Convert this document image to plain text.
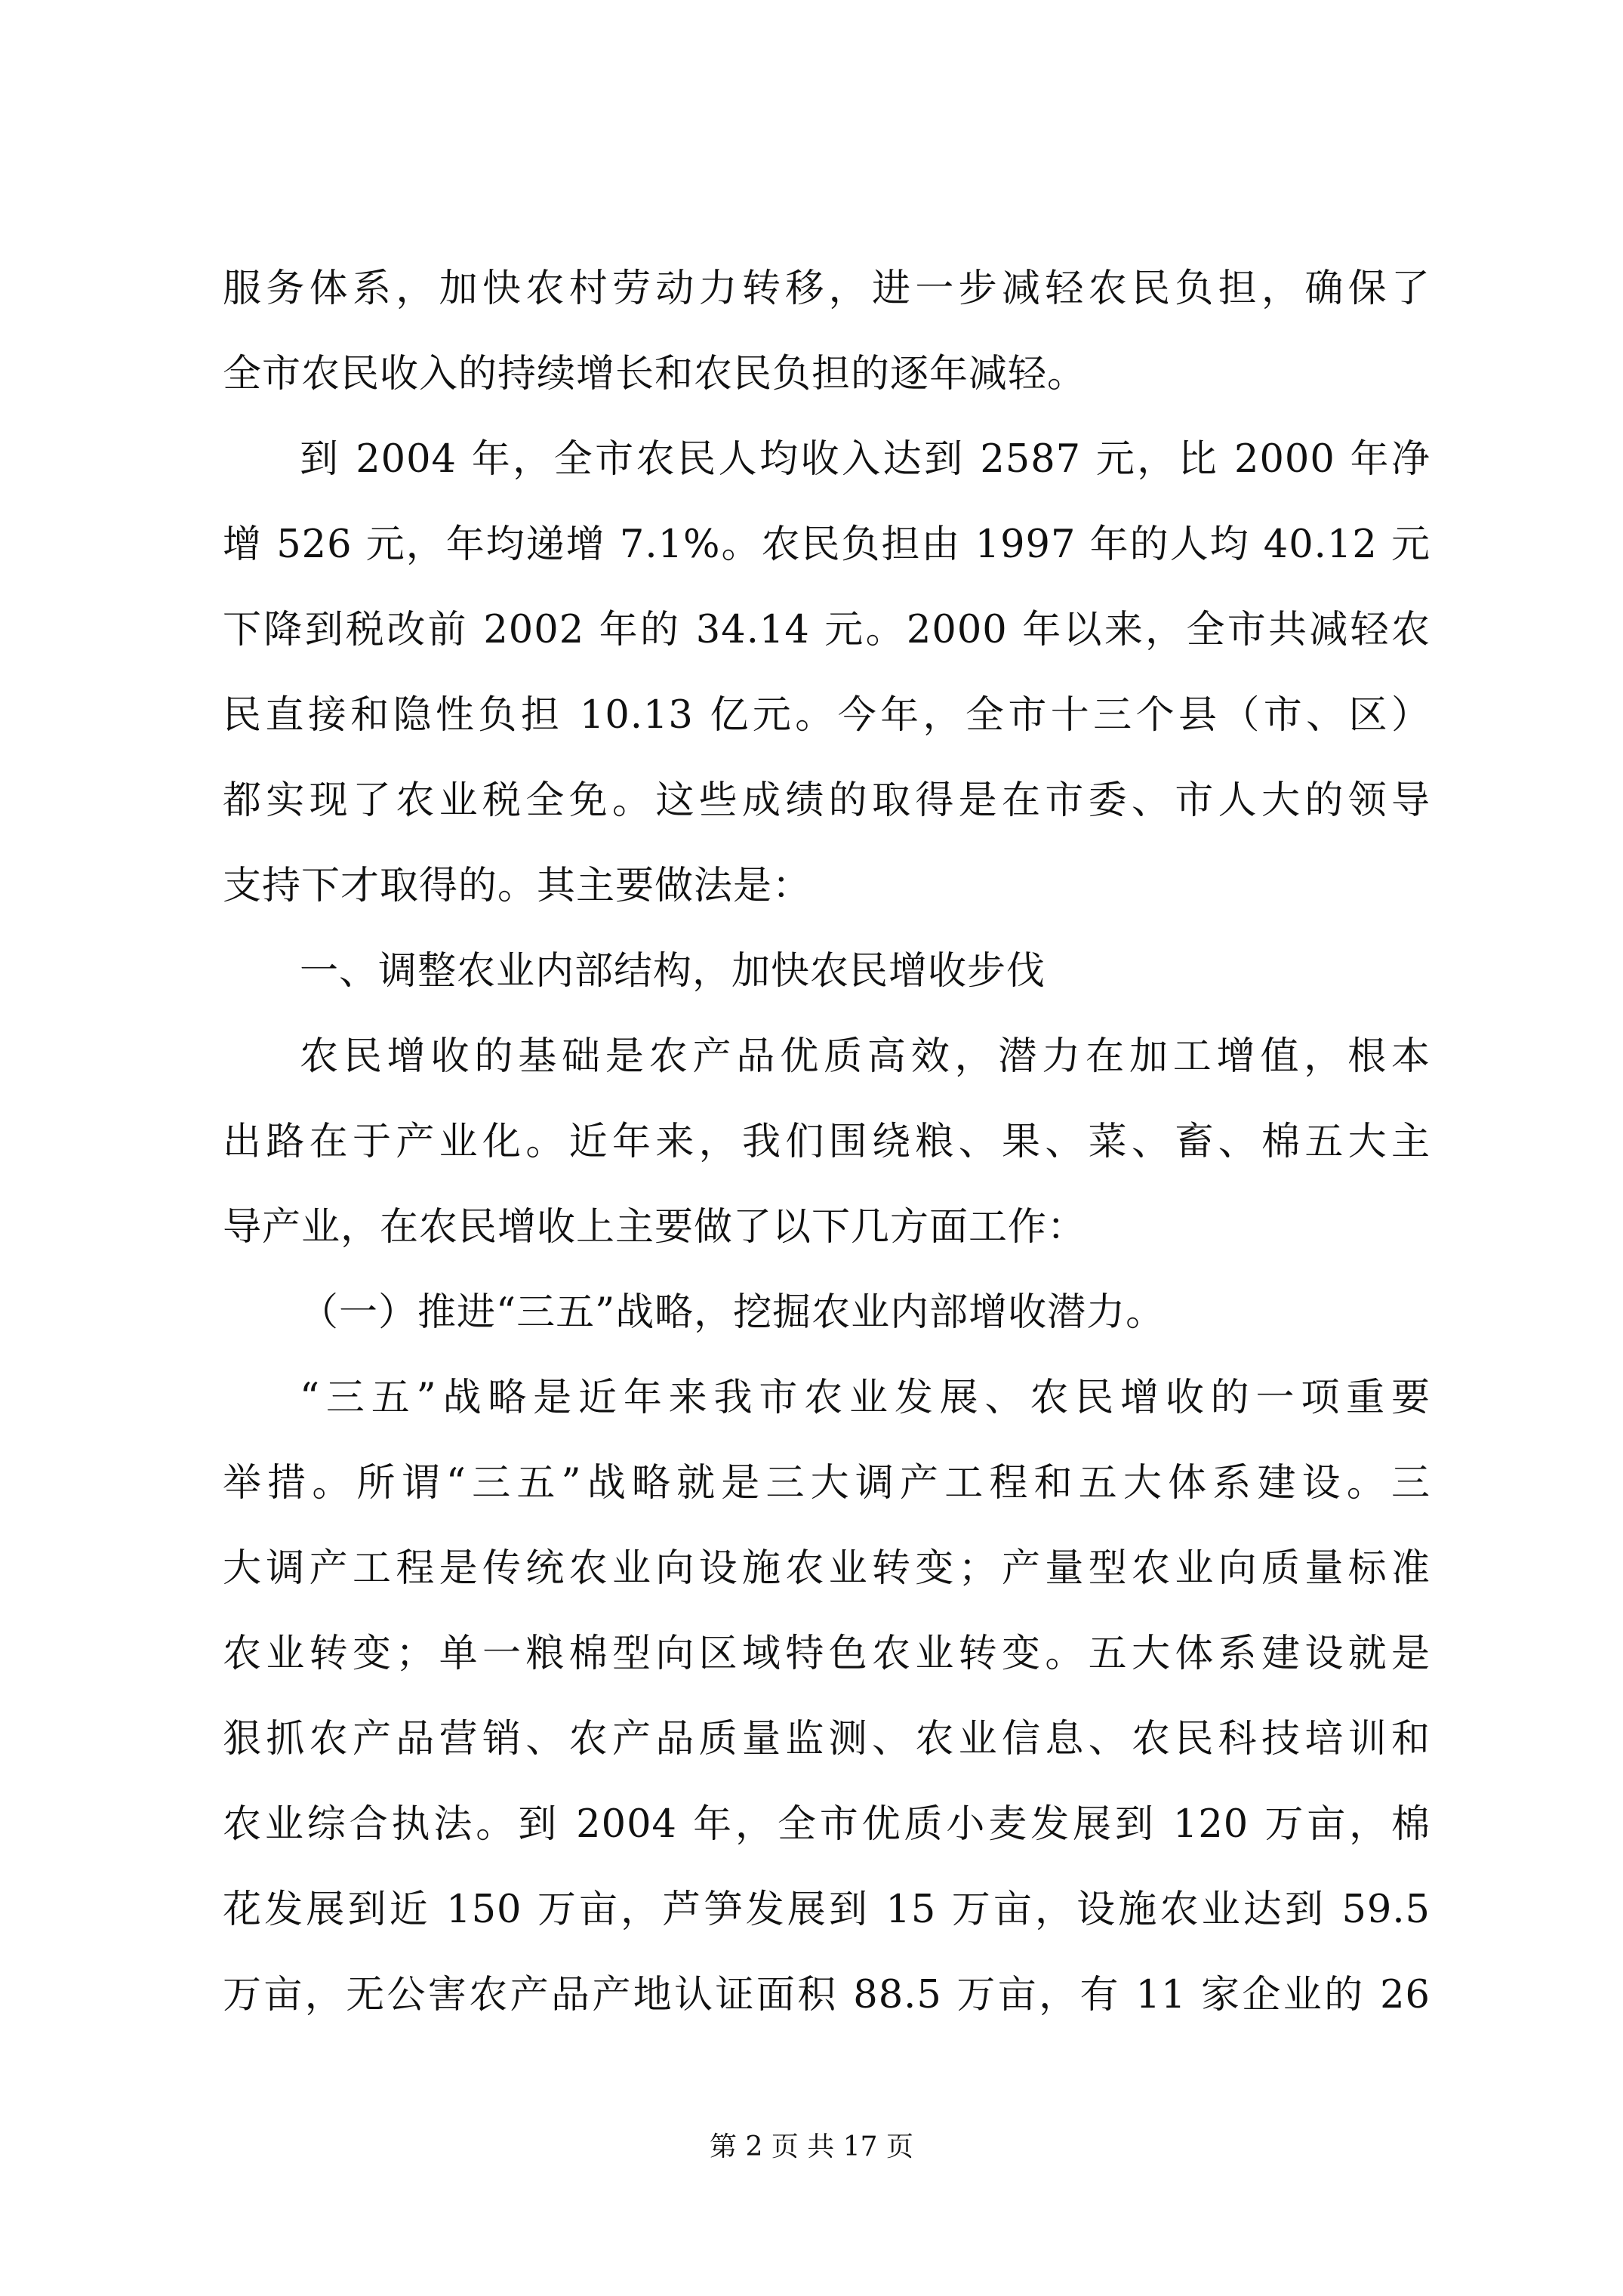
服务体系，加快农村劳动力转移，进一步减轻农民负担，确保了
全市农民收入的持续增长和农民负担的逐年减轻。
到 2004 年，全市农民人均收入达到 2587 元，比 2000 年净
增 526 元，年均递增 7.1%。农民负担由 1997 年的人均 40.12 元
下降到税改前 2002 年的 34.14 元。2000 年以来，全市共减轻农
民直接和隐性负担 10.13 亿元。今年，全市十三个县（市、区）
都实现了农业税全免。这些成绩的取得是在市委、市人大的领导
支持下才取得的。其主要做法是：
一、调整农业内部结构，加快农民增收步伐
农民增收的基础是农产品优质高效，潜力在加工增值，根本
出路在于产业化。近年来，我们围绕粮、果、菜、畜、棉五大主
导产业，在农民增收上主要做了以下几方面工作：
（一）推进“三五”战略，挖掘农业内部增收潜力。
“三五”战略是近年来我市农业发展、农民增收的一项重要
举措。所谓“三五”战略就是三大调产工程和五大体系建设。三
大调产工程是传统农业向设施农业转变；产量型农业向质量标准
农业转变；单一粮棉型向区域特色农业转变。五大体系建设就是
狠抓农产品营销、农产品质量监测、农业信息、农民科技培训和
农业综合执法。到 2004 年，全市优质小麦发展到 120 万亩，棉
花发展到近 150 万亩，芦笋发展到 15 万亩，设施农业达到 59.5
万亩，无公害农产品产地认证面积 88.5 万亩，有 11 家企业的 26
第 2 页 共 17 页
